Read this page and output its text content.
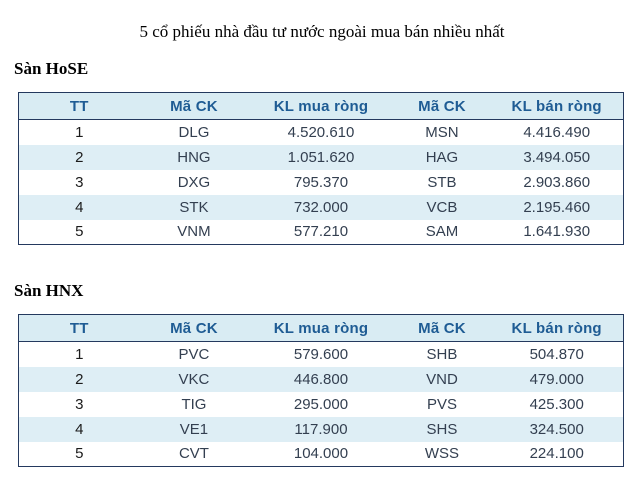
5 cổ phiếu nhà đầu tư nước ngoài mua bán nhiều nhất
Sàn HoSE
TT	Mã CK	KL mua ròng	Mã CK	KL bán ròng
1	DLG	4.520.610	MSN	4.416.490
2	HNG	1.051.620	HAG	3.494.050
3	DXG	795.370	STB	2.903.860
4	STK	732.000	VCB	2.195.460
5	VNM	577.210	SAM	1.641.930
Sàn HNX
TT	Mã CK	KL mua ròng	Mã CK	KL bán ròng
1	PVC	579.600	SHB	504.870
2	VKC	446.800	VND	479.000
3	TIG	295.000	PVS	425.300
4	VE1	117.900	SHS	324.500
5	CVT	104.000	WSS	224.100
